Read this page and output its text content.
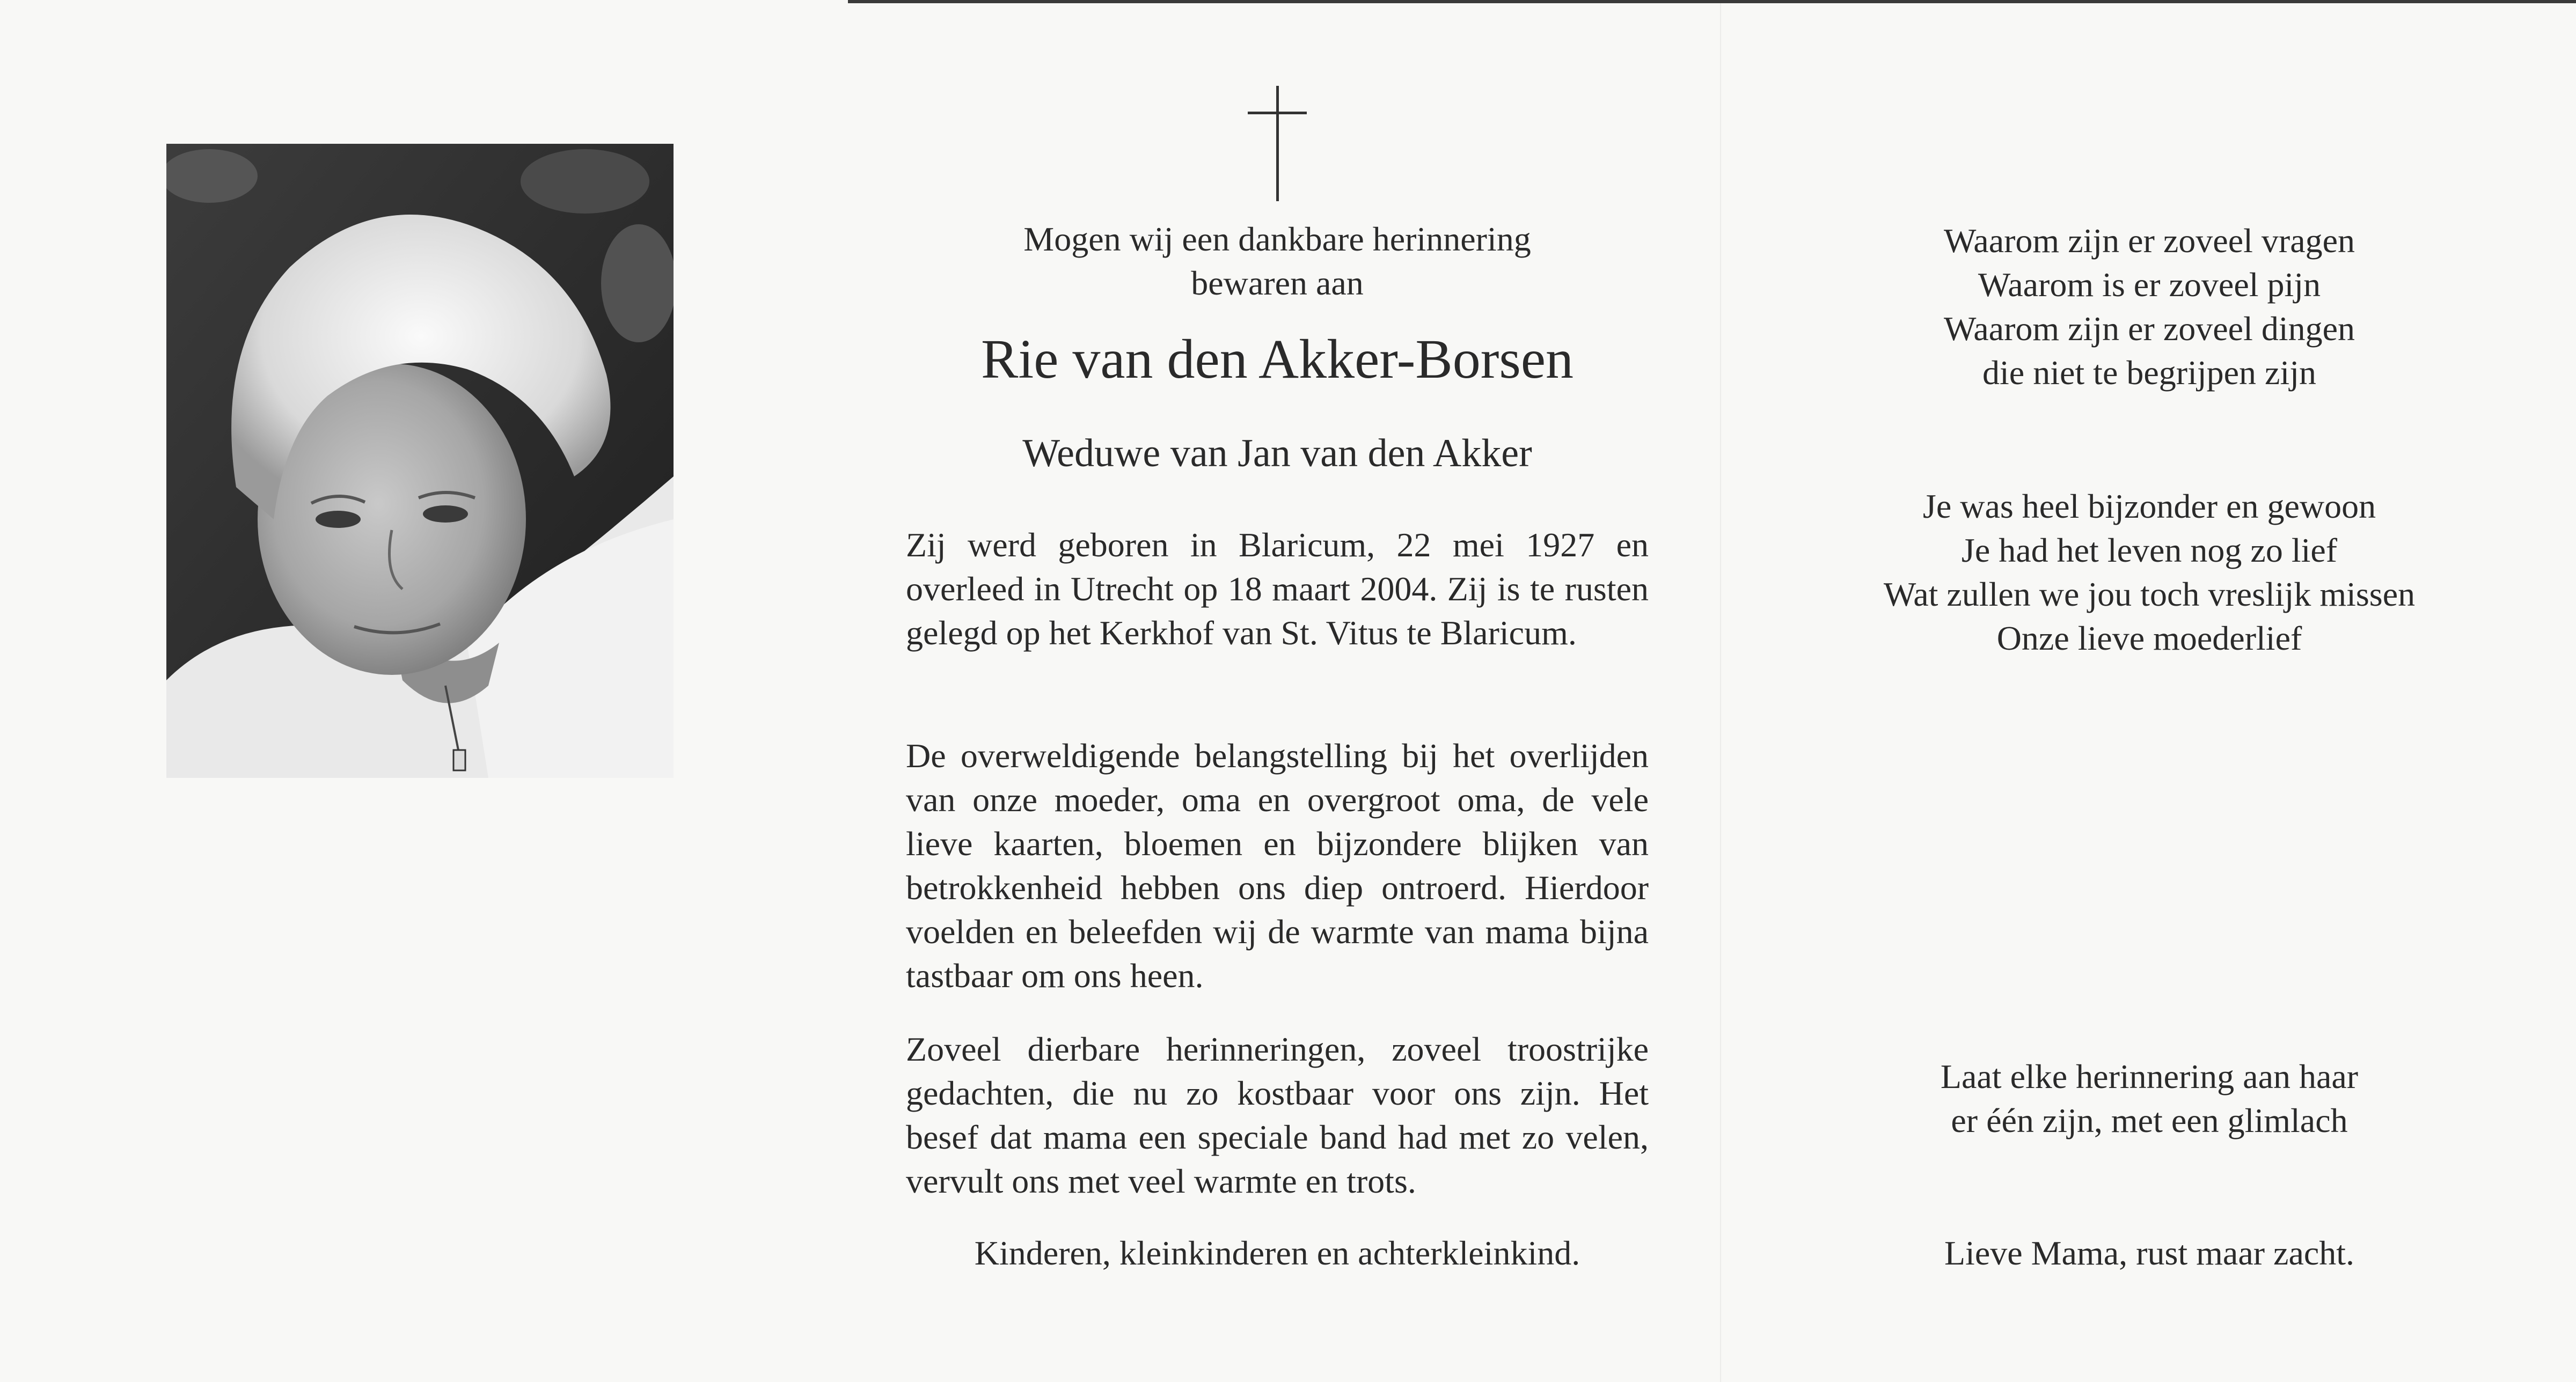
Mogen wij een dankbare herinnering
bewaren aan
Rie van den Akker-Borsen
Weduwe van Jan van den Akker
Zij werd geboren in Blaricum, 22 mei 1927 en overleed in Utrecht op 18 maart 2004. Zij is te rusten gelegd op het Kerkhof van St. Vitus te Blaricum.
De overweldigende belangstelling bij het overlijden van onze moeder, oma en overgroot oma, de vele lieve kaarten, bloemen en bijzondere blijken van betrokkenheid hebben ons diep ontroerd. Hierdoor voelden en beleefden wij de warmte van mama bijna tastbaar om ons heen.
Zoveel dierbare herinneringen, zoveel troostrijke gedachten, die nu zo kostbaar voor ons zijn. Het besef dat mama een speciale band had met zo velen, vervult ons met veel warmte en trots.
Kinderen, kleinkinderen en achterkleinkind.
Waarom zijn er zoveel vragen
Waarom is er zoveel pijn
Waarom zijn er zoveel dingen
die niet te begrijpen zijn
Je was heel bijzonder en gewoon
Je had het leven nog zo lief
Wat zullen we jou toch vreslijk missen
Onze lieve moederlief
Laat elke herinnering aan haar
er één zijn, met een glimlach
Lieve Mama, rust maar zacht.
